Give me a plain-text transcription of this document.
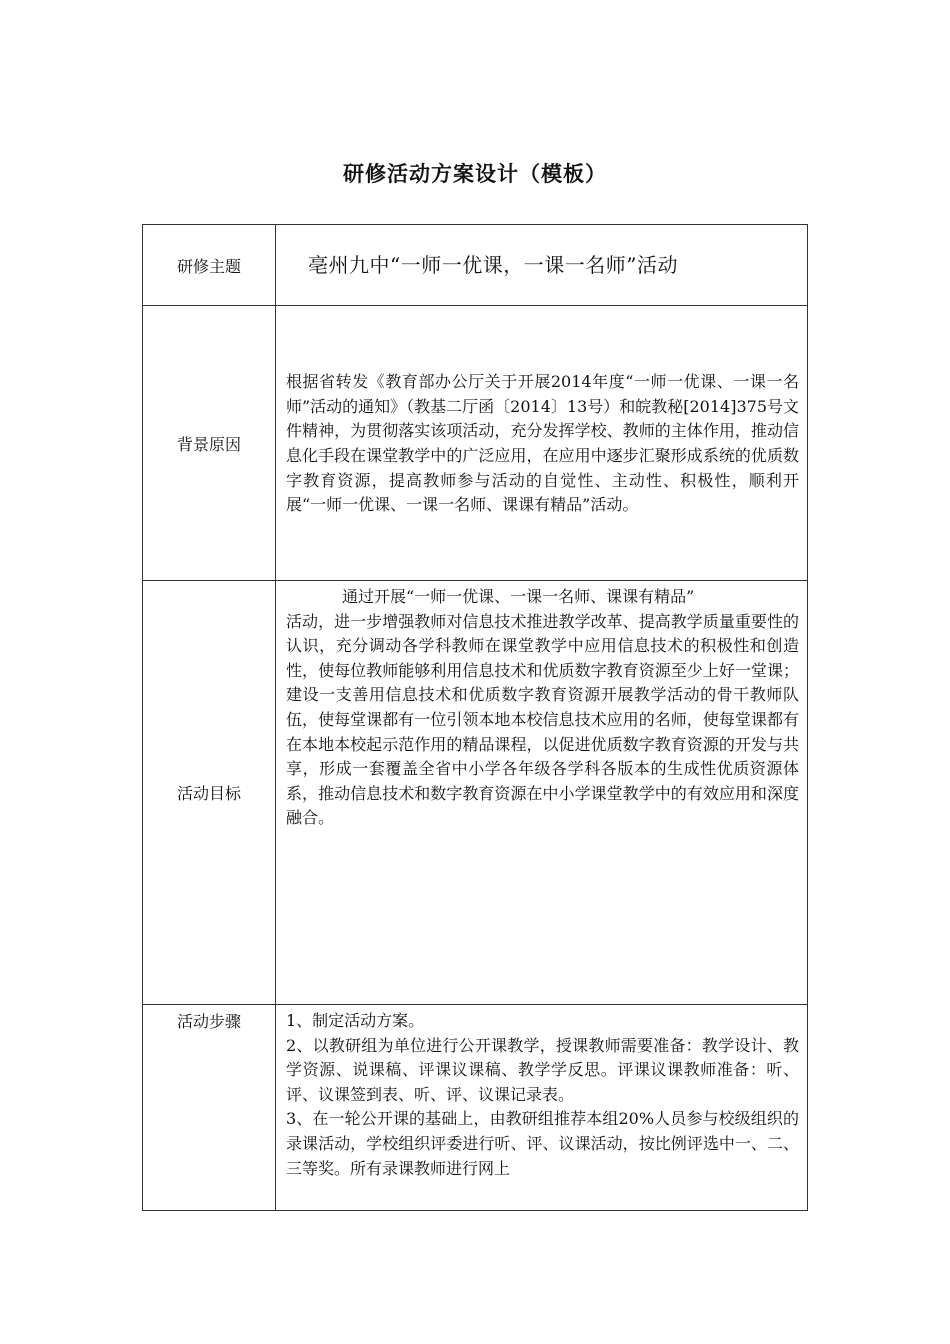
研修活动方案设计（模板）
研修主题	亳州九中“一师一优课，一课一名师”活动

背景原因	根据省转发《教育部办公厅关于开展2014年度“一师一优课、一课一名师”活动的通知》（教基二厅函〔2014〕13号）和皖教秘[2014]375号文件精神，为贯彻落实该项活动，充分发挥学校、教师的主体作用，推动信息化手段在课堂教学中的广泛应用，在应用中逐步汇聚形成系统的优质数字教育资源，提高教师参与活动的自觉性、主动性、积极性，顺利开展“一师一优课、一课一名师、课课有精品”活动。

活动目标	通过开展“一师一优课、一课一名师、课课有精品”
活动，进一步增强教师对信息技术推进教学改革、提高教学质量重要性的认识，充分调动各学科教师在课堂教学中应用信息技术的积极性和创造性，使每位教师能够利用信息技术和优质数字教育资源至少上好一堂课；建设一支善用信息技术和优质数字教育资源开展教学活动的骨干教师队伍，使每堂课都有一位引领本地本校信息技术应用的名师，使每堂课都有在本地本校起示范作用的精品课程，以促进优质数字教育资源的开发与共享，形成一套覆盖全省中小学各年级各学科各版本的生成性优质资源体系，推动信息技术和数字教育资源在中小学课堂教学中的有效应用和深度融合。

活动步骤	1、制定活动方案。

2、以教研组为单位进行公开课教学，授课教师需要准备：教学设计、教学资源、说课稿、评课议课稿、教学学反思。评课议课教师准备：听、评、议课签到表、听、评、议课记录表。

3、在一轮公开课的基础上，由教研组推荐本组20%人员参与校级组织的录课活动，学校组织评委进行听、评、议课活动，按比例评选中一、二、三等奖。所有录课教师进行网上
